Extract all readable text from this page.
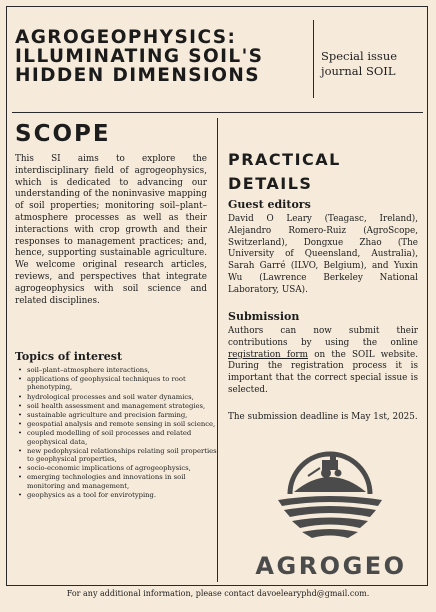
AGROGEOPHYSICS: ILLUMINATING SOIL'S HIDDEN DIMENSIONS
Special issue journal SOIL
SCOPE

This SI aims to explore the interdisciplinary field of agrogeophysics, which is dedicated to advancing our understanding of the noninvasive mapping of soil properties; monitoring soil–plant–atmosphere processes as well as their interactions with crop growth and their responses to management practices; and, hence, supporting sustainable agriculture. We welcome original research articles, reviews, and perspectives that integrate agrogeophysics with soil science and related disciplines.

Topics of interest
• soil–plant–atmosphere interactions,
• applications of geophysical techniques to root phenotyping,
• hydrological processes and soil water dynamics,
• soil health assessment and management strategies,
• sustainable agriculture and precision farming,
• geospatial analysis and remote sensing in soil science,
• coupled modelling of soil processes and related geophysical data,
• new pedophysical relationships relating soil properties to geophysical properties,
• socio-economic implications of agrogeophysics,
• emerging technologies and innovations in soil monitoring and management,
• geophysics as a tool for envirotyping.
PRACTICAL DETAILS
Guest editors

David O Leary (Teagasc, Ireland), Alejandro Romero-Ruiz (AgroScope, Switzerland), Dongxue Zhao (The University of Queensland, Australia), Sarah Garré (ILVO, Belgium), and Yuxin Wu (Lawrence Berkeley National Laboratory, USA).

Submission

Authors can now submit their contributions by using the online registration form on the SOIL website. During the registration process it is important that the correct special issue is selected.

The submission deadline is May 1st, 2025.

AGROGEO
For any additional information, please contact davoelearyphd@gmail.com.
